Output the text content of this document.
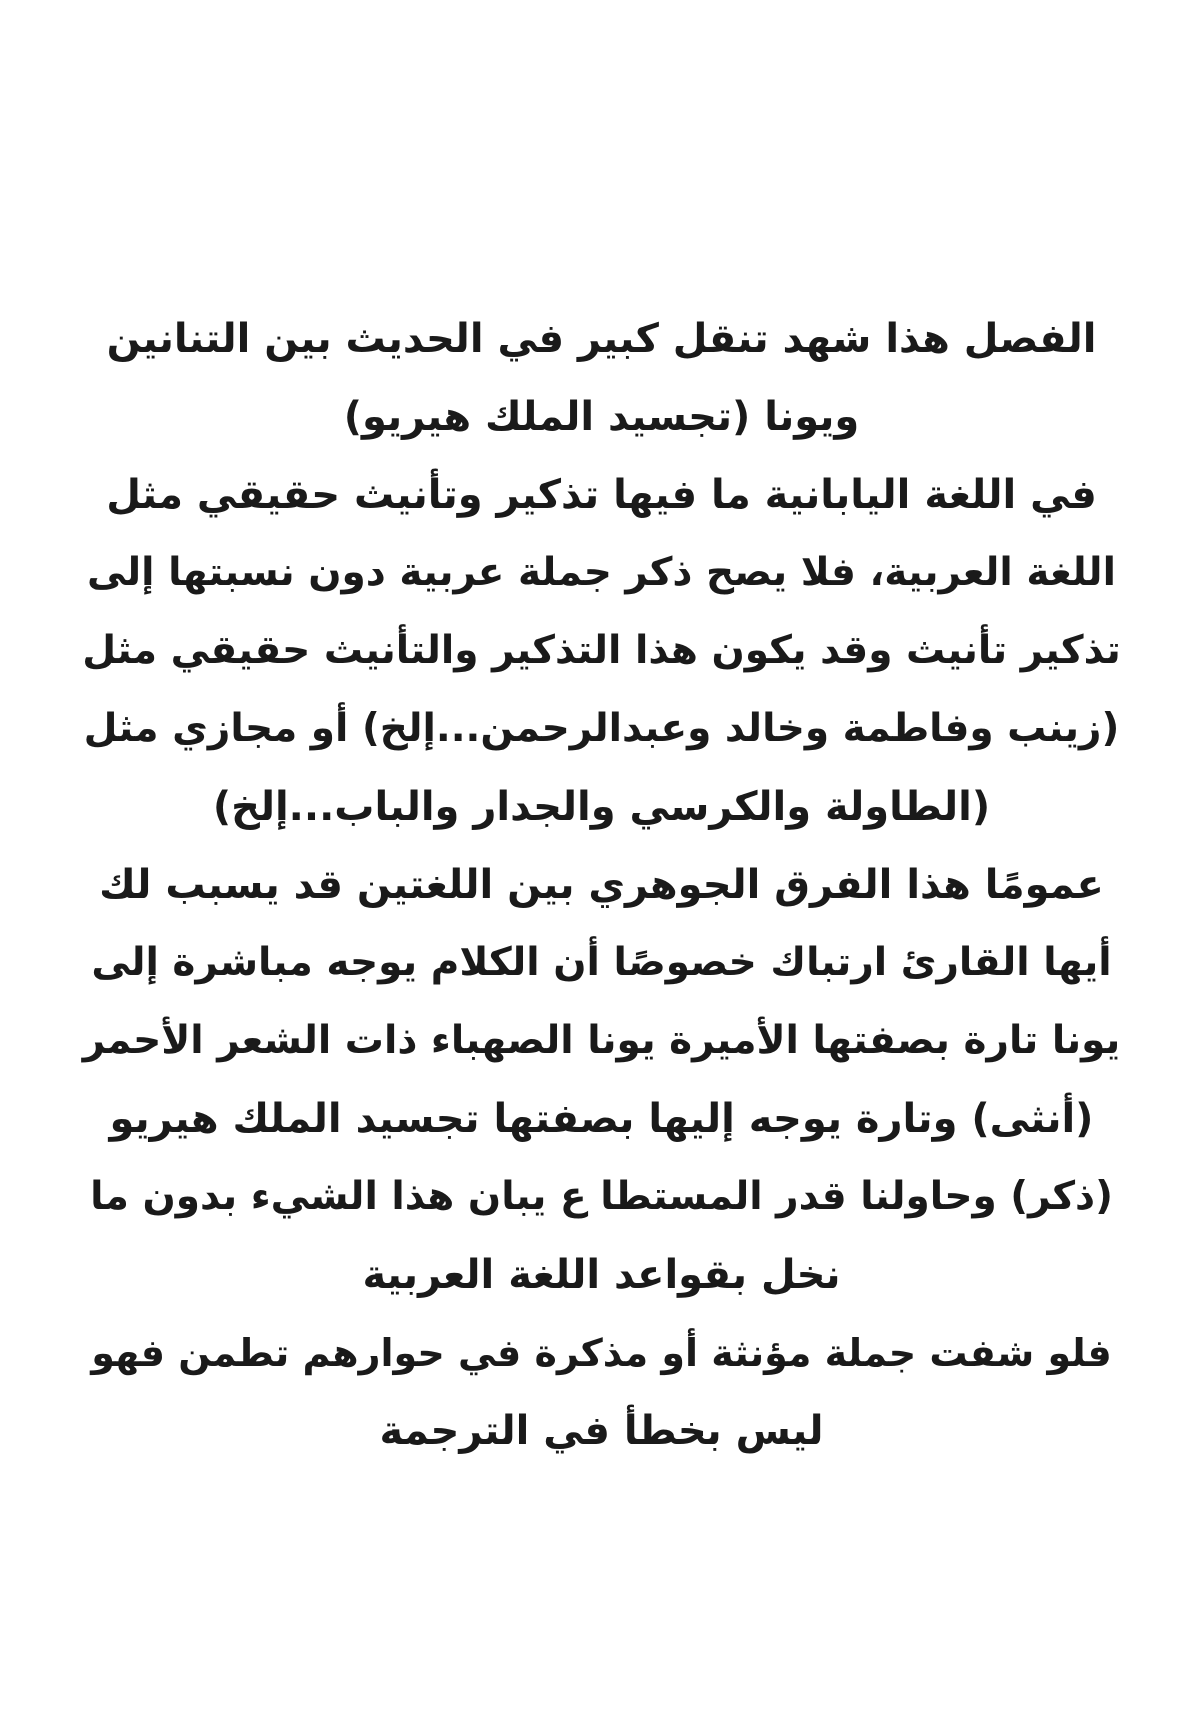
الفصل هذا شهد تنقل كبير في الحديث بين التنانين
ويونا (تجسيد الملك هيريو)
في اللغة اليابانية ما فيها تذكير وتأنيث حقيقي مثل
اللغة العربية، فلا يصح ذكر جملة عربية دون نسبتها إلى
تذكير تأنيث وقد يكون هذا التذكير والتأنيث حقيقي مثل
(زينب وفاطمة وخالد وعبدالرحمن...إلخ) أو مجازي مثل
(الطاولة والكرسي والجدار والباب...إلخ)
عمومًا هذا الفرق الجوهري بين اللغتين قد يسبب لك
أيها القارئ ارتباك خصوصًا أن الكلام يوجه مباشرة إلى
يونا تارة بصفتها الأميرة يونا الصهباء ذات الشعر الأحمر
(أنثى) وتارة يوجه إليها بصفتها تجسيد الملك هيريو
(ذكر) وحاولنا قدر المستطا ع يبان هذا الشيء بدون ما
نخل بقواعد اللغة العربية
فلو شفت جملة مؤنثة أو مذكرة في حوارهم تطمن فهو
ليس بخطأ في الترجمة
